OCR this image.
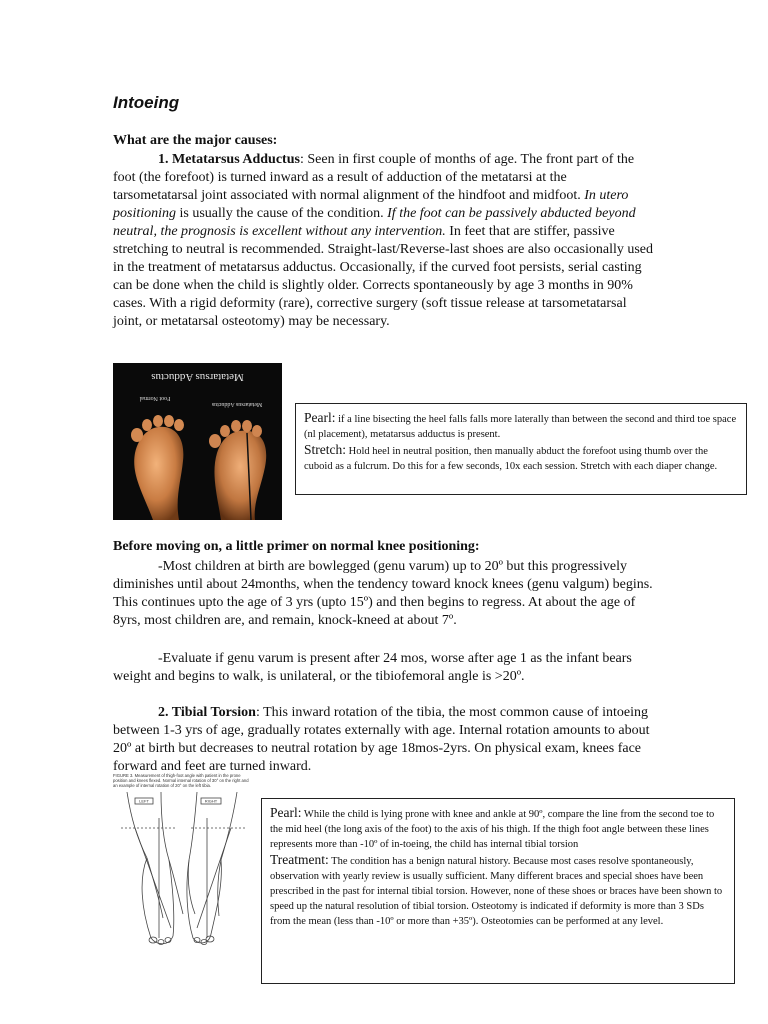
Intoeing

What are the major causes:

1. Metatarsus Adductus: Seen in first couple of months of age. The front part of the foot (the forefoot) is turned inward as a result of adduction of the metatarsi at the tarsometatarsal joint associated with normal alignment of the hindfoot and midfoot. In utero positioning is usually the cause of the condition. If the foot can be passively abducted beyond neutral, the prognosis is excellent without any intervention. In feet that are stiffer, passive stretching to neutral is recommended. Straight-last/Reverse-last shoes are also occasionally used in the treatment of metatarsus adductus. Occasionally, if the curved foot persists, serial casting can be done when the child is slightly older. Corrects spontaneously by age 3 months in 90% cases. With a rigid deformity (rare), corrective surgery (soft tissue release at tarsometatarsal joint, or metatarsal osteotomy) may be necessary.

Metatarsus Adductus
Foot Normal
Metatarsus Adductus

Pearl: if a line bisecting the heel falls falls more laterally than between the second and third toe space (nl placement), metatarsus adductus is present.

Stretch: Hold heel in neutral position, then manually abduct the forefoot using thumb over the cuboid as a fulcrum. Do this for a few seconds, 10x each session. Stretch with each diaper change.

Before moving on, a little primer on normal knee positioning:

-Most children at birth are bowlegged (genu varum) up to 20º but this progressively diminishes until about 24months, when the tendency toward knock knees (genu valgum) begins. This continues upto the age of 3 yrs (upto 15º) and then begins to regress. At about the age of 8yrs, most children are, and remain, knock-kneed at about 7º.

-Evaluate if genu varum is present after 24 mos, worse after age 1 as the infant bears weight and begins to walk, is unilateral, or the tibiofemoral angle is >20º.

2. Tibial Torsion: This inward rotation of the tibia, the most common cause of intoeing between 1-3 yrs of age, gradually rotates externally with age. Internal rotation amounts to about 20º at birth but decreases to neutral rotation by age 18mos-2yrs. On physical exam, knees face forward and feet are turned inward.

FIGURE 3. Measurement of thigh-foot angle with patient in the prone position and knees flexed. Normal internal rotation of 30° on the right and an example of internal rotation of 20° on the left tibia.
LEFT	RIGHT

Pearl: While the child is lying prone with knee and ankle at 90º, compare the line from the second toe to the mid heel (the long axis of the foot) to the axis of his thigh. If the thigh foot angle between these lines represents more than -10º of in-toeing, the child has internal tibial torsion

Treatment: The condition has a benign natural history. Because most cases resolve spontaneously, observation with yearly review is usually sufficient. Many different braces and special shoes have been prescribed in the past for internal tibial torsion. However, none of these shoes or braces have been shown to speed up the natural resolution of tibial torsion. Osteotomy is indicated if deformity is more than 3 SDs from the mean (less than -10º or more than +35º). Osteotomies can be performed at any level.
